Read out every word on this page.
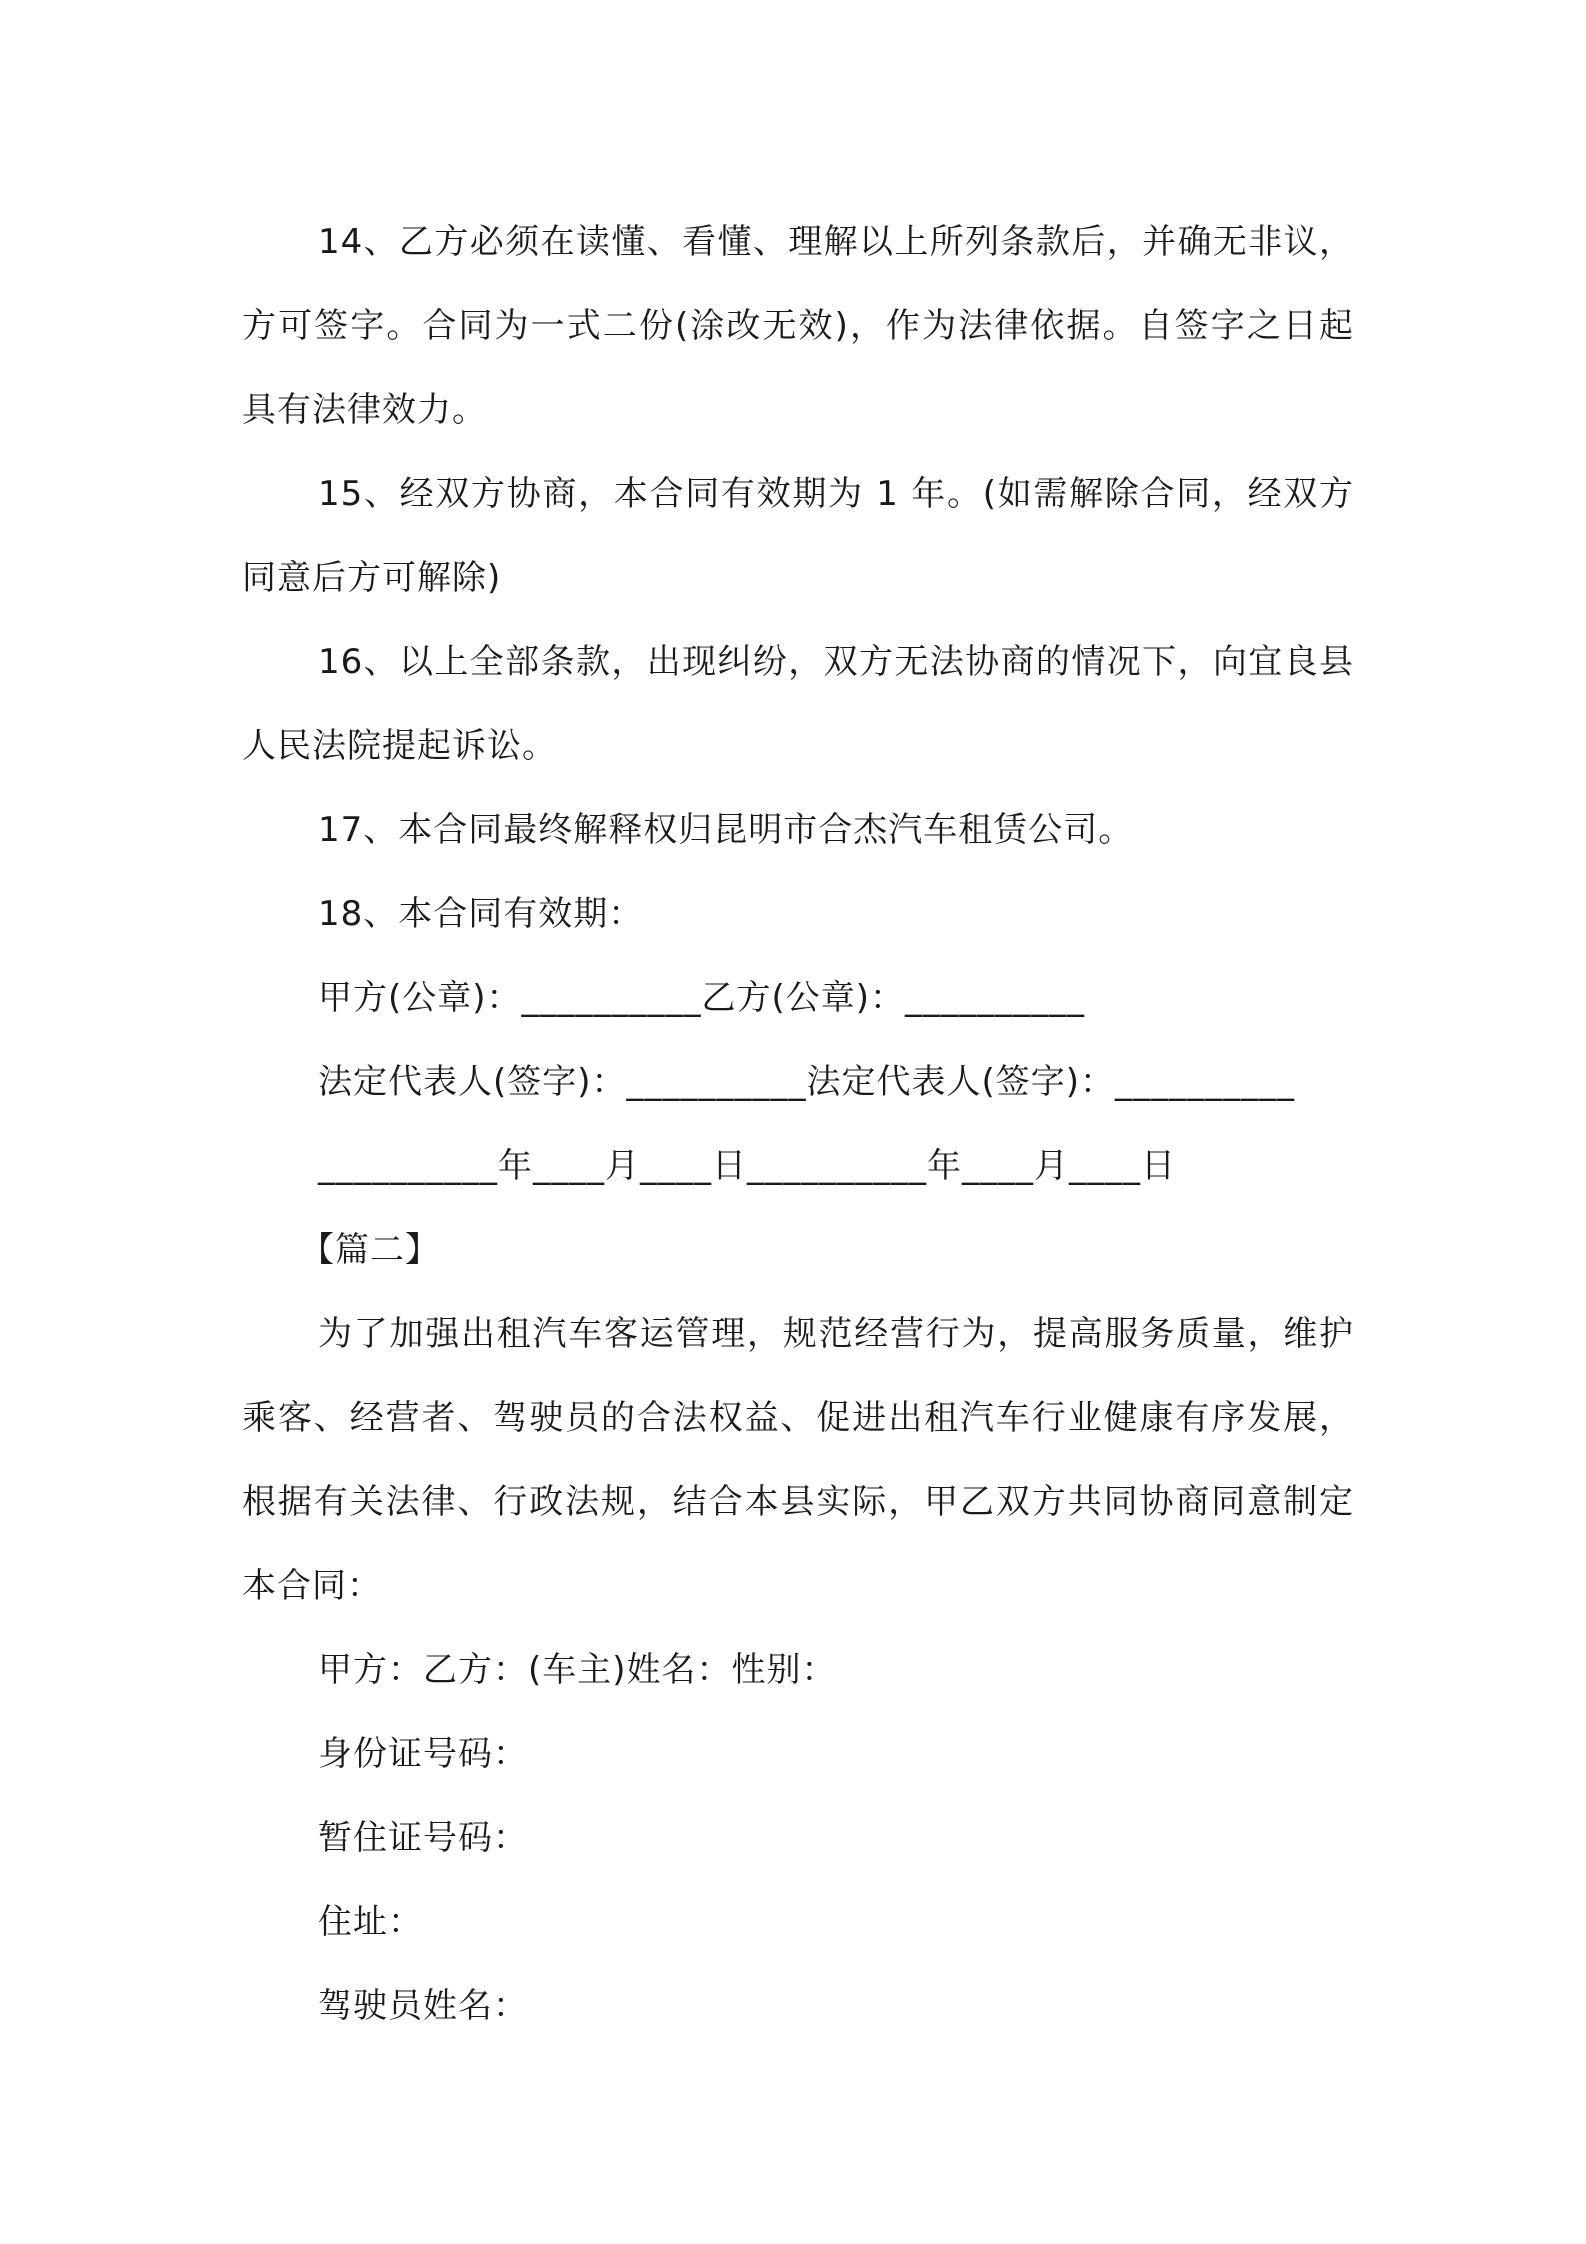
14、乙方必须在读懂、看懂、理解以上所列条款后，并确无非议，方可签字。合同为一式二份(涂改无效)，作为法律依据。自签字之日起具有法律效力。

15、经双方协商，本合同有效期为 1 年。(如需解除合同，经双方同意后方可解除)

16、以上全部条款，出现纠纷，双方无法协商的情况下，向宜良县人民法院提起诉讼。

17、本合同最终解释权归昆明市合杰汽车租赁公司。

18、本合同有效期：

甲方(公章)：__________乙方(公章)：__________

法定代表人(签字)：__________法定代表人(签字)：__________

__________年____月____日__________年____月____日

【篇二】

为了加强出租汽车客运管理，规范经营行为，提高服务质量，维护乘客、经营者、驾驶员的合法权益、促进出租汽车行业健康有序发展，根据有关法律、行政法规，结合本县实际，甲乙双方共同协商同意制定本合同：

甲方：乙方：(车主)姓名：性别：

身份证号码：

暂住证号码：

住址：

驾驶员姓名：
